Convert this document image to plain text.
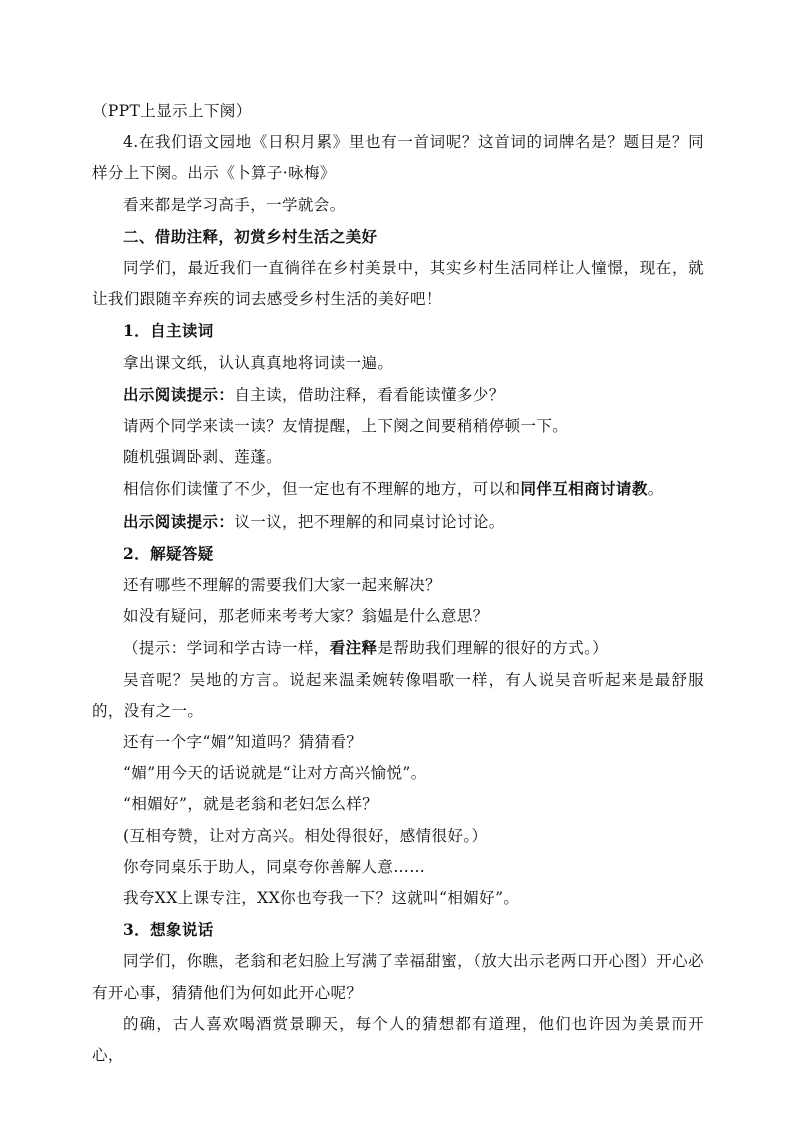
（PPT上显示上下阕）
4.在我们语文园地《日积月累》里也有一首词呢？这首词的词牌名是？题目是？同样分上下阕。出示《卜算子·咏梅》
看来都是学习高手，一学就会。
二、借助注释，初赏乡村生活之美好
同学们，最近我们一直徜徉在乡村美景中，其实乡村生活同样让人憧憬，现在，就让我们跟随辛弃疾的词去感受乡村生活的美好吧！
1．自主读词
拿出课文纸，认认真真地将词读一遍。
出示阅读提示：自主读，借助注释，看看能读懂多少？
请两个同学来读一读？友情提醒，上下阕之间要稍稍停顿一下。
随机强调卧剥、莲蓬。
相信你们读懂了不少，但一定也有不理解的地方，可以和同伴互相商讨请教。
出示阅读提示：议一议，把不理解的和同桌讨论讨论。
2．解疑答疑
还有哪些不理解的需要我们大家一起来解决？
如没有疑问，那老师来考考大家？翁媪是什么意思？
（提示：学词和学古诗一样，看注释是帮助我们理解的很好的方式。）
吴音呢？吴地的方言。说起来温柔婉转像唱歌一样，有人说吴音听起来是最舒服的，没有之一。
还有一个字“媚”知道吗？猜猜看？
“媚”用今天的话说就是“让对方高兴愉悦”。
“相媚好”，就是老翁和老妇怎么样？
(互相夸赞，让对方高兴。相处得很好，感情很好。）
你夸同桌乐于助人，同桌夸你善解人意……
我夸XX上课专注，XX你也夸我一下？这就叫“相媚好”。
3．想象说话
同学们，你瞧，老翁和老妇脸上写满了幸福甜蜜，（放大出示老两口开心图）开心必有开心事，猜猜他们为何如此开心呢？
的确，古人喜欢喝酒赏景聊天，每个人的猜想都有道理，他们也许因为美景而开心，
